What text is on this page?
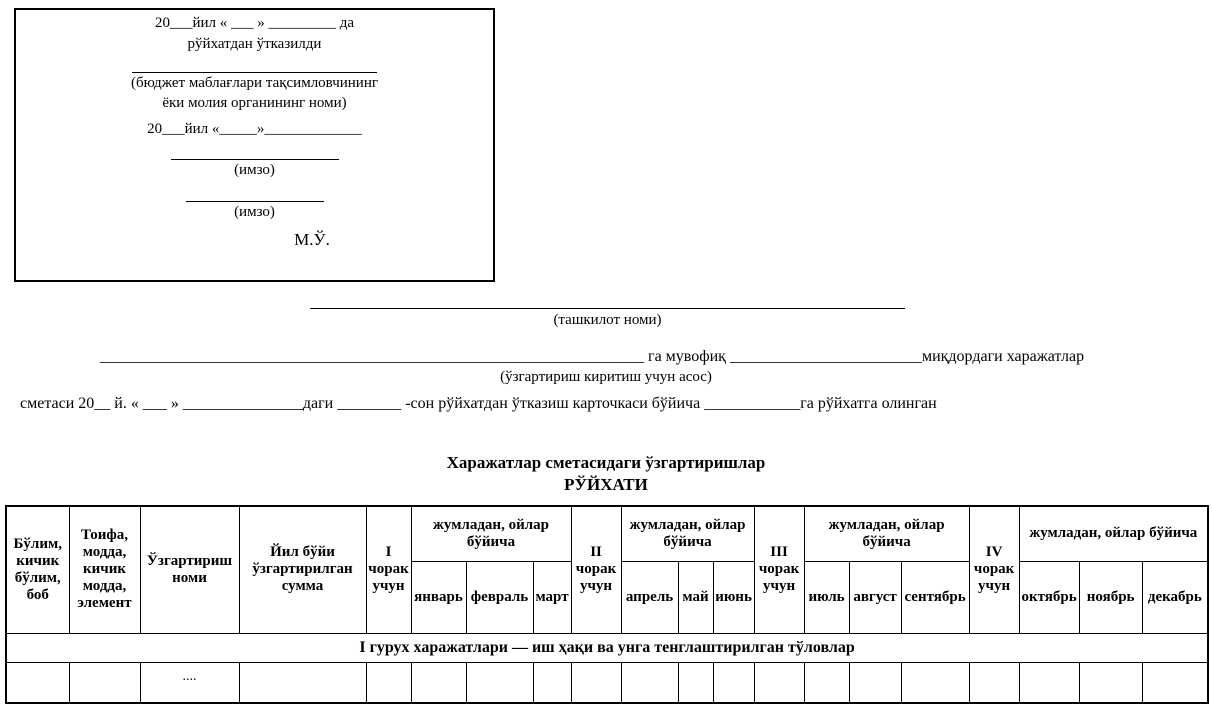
20___йил « ___ » _________ да
рўйхатдан ўтказилди
(бюджет маблағлари тақсимловчининг
ёки молия органининг номи)
20___йил «_____»_____________
(имзо)
(имзо)
М.Ў.
(ташкилот номи)
____________________________________________________________________ га мувофиқ ________________________миқдордаги харажатлар
(ўзгартириш киритиш учун асос)
сметаси 20__ й. « ___ » _______________даги ________ -сон рўйхатдан ўтказиш карточкаси бўйича ____________га рўйхатга олинган
Харажатлар сметасидаги ўзгартиришлар
РЎЙХАТИ
Бўлим, кичик бўлим, боб	Тоифа, модда, кичик модда, элемент	Ўзгартириш номи	Йил бўйи ўзгартирилган сумма	I чорак учун	жумладан, ойлар бўйича			II чорак учун	жумладан, ойлар бўйича			III чорак учун	жумладан, ойлар бўйича			IV чорак учун	жумладан, ойлар бўйича		
					январь	февраль	март		апрель	май	июнь		июль	август	сентябрь		октябрь	ноябрь	декабрь
I гурух харажатлари — иш ҳақи ва унга тенглаштирилган тўловлар																			
		....																	
